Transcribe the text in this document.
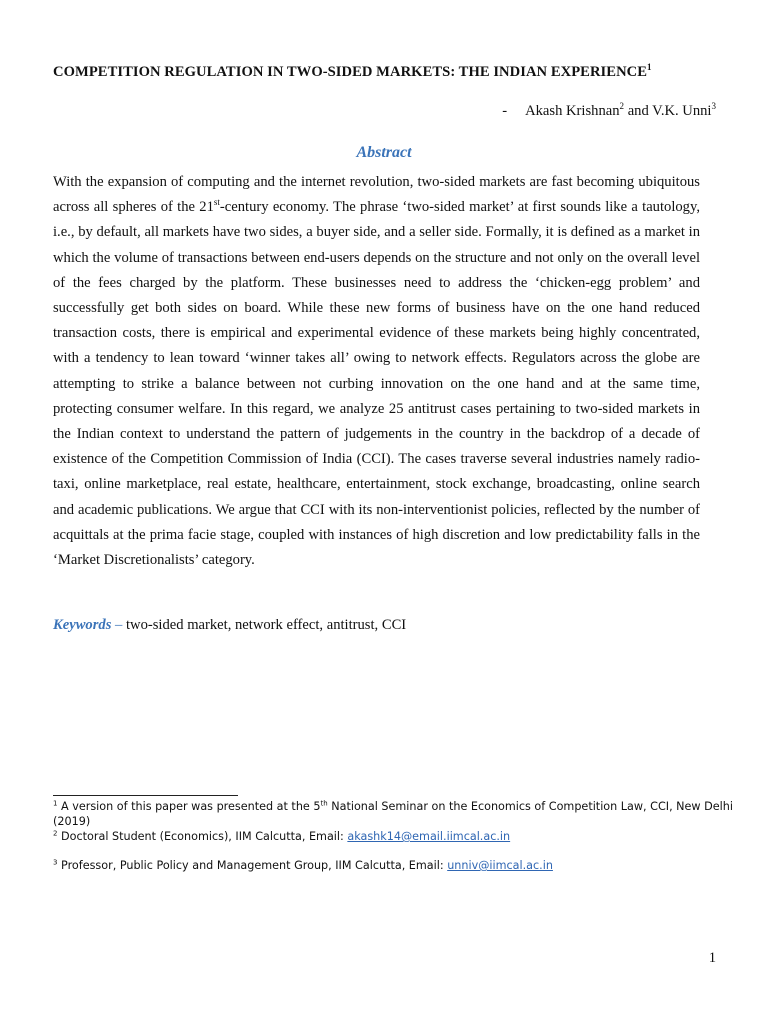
COMPETITION REGULATION IN TWO-SIDED MARKETS: THE INDIAN EXPERIENCE$^1$
- Akash Krishnan$^2$ and V.K. Unni$^3$
Abstract
With the expansion of computing and the internet revolution, two-sided markets are fast becoming ubiquitous across all spheres of the 21st-century economy. The phrase ‘two-sided market’ at first sounds like a tautology, i.e., by default, all markets have two sides, a buyer side, and a seller side. Formally, it is defined as a market in which the volume of transactions between end-users depends on the structure and not only on the overall level of the fees charged by the platform. These businesses need to address the ‘chicken-egg problem’ and successfully get both sides on board. While these new forms of business have on the one hand reduced transaction costs, there is empirical and experimental evidence of these markets being highly concentrated, with a tendency to lean toward ‘winner takes all’ owing to network effects. Regulators across the globe are attempting to strike a balance between not curbing innovation on the one hand and at the same time, protecting consumer welfare. In this regard, we analyze 25 antitrust cases pertaining to two-sided markets in the Indian context to understand the pattern of judgements in the country in the backdrop of a decade of existence of the Competition Commission of India (CCI). The cases traverse several industries namely radio-taxi, online marketplace, real estate, healthcare, entertainment, stock exchange, broadcasting, online search and academic publications. We argue that CCI with its non-interventionist policies, reflected by the number of acquittals at the prima facie stage, coupled with instances of high discretion and low predictability falls in the ‘Market Discretionalists’ category.
Keywords – two-sided market, network effect, antitrust, CCI

$^1$ A version of this paper was presented at the 5th National Seminar on the Economics of Competition Law, CCI, New Delhi (2019)

$^2$ Doctoral Student (Economics), IIM Calcutta, Email: akashk14@email.iimcal.ac.in

$^3$ Professor, Public Policy and Management Group, IIM Calcutta, Email: unniv@iimcal.ac.in

1
